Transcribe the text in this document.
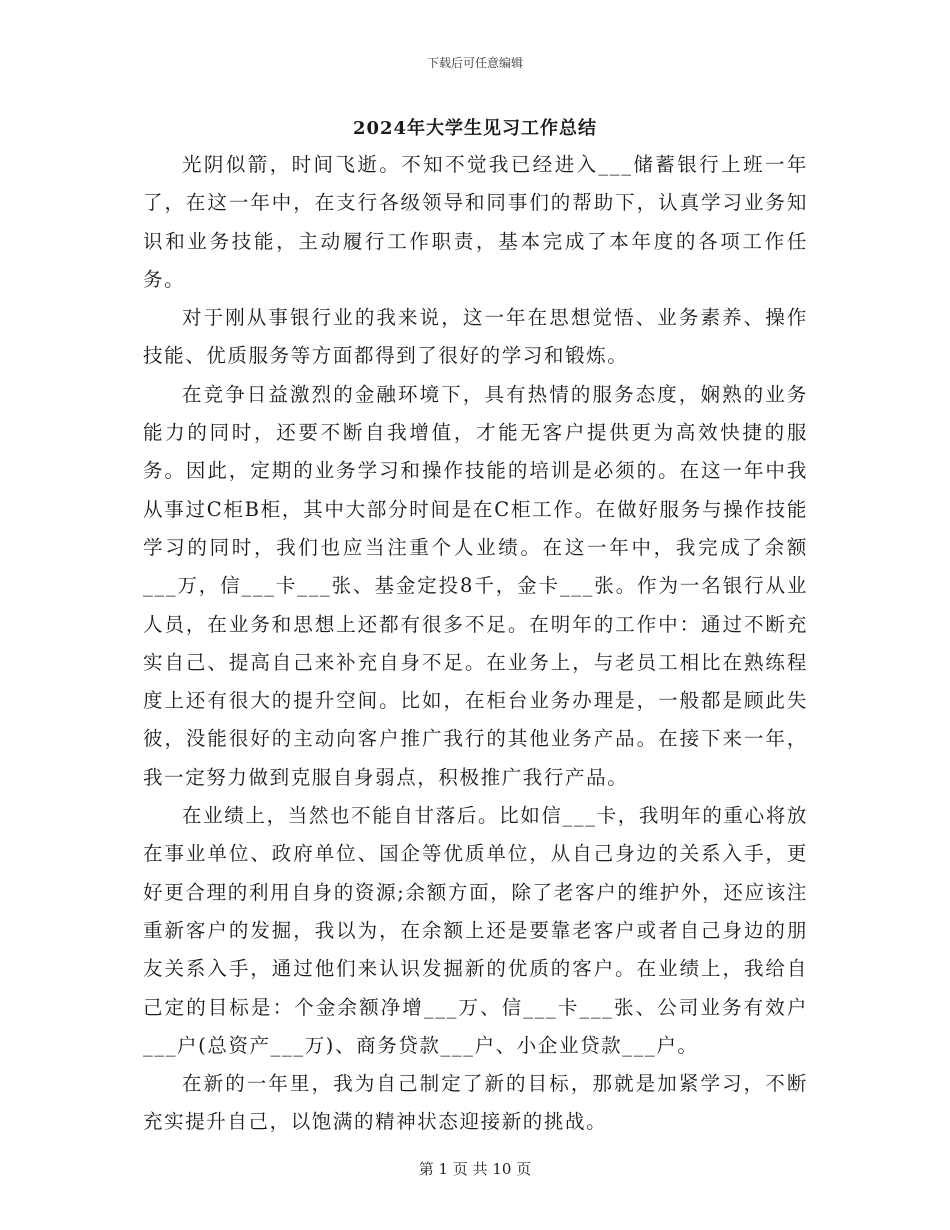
下载后可任意编辑
2024年大学生见习工作总结

光阴似箭，时间飞逝。不知不觉我已经进入___储蓄银行上班一年了，在这一年中，在支行各级领导和同事们的帮助下，认真学习业务知识和业务技能，主动履行工作职责，基本完成了本年度的各项工作任务。

对于刚从事银行业的我来说，这一年在思想觉悟、业务素养、操作技能、优质服务等方面都得到了很好的学习和锻炼。

在竞争日益激烈的金融环境下，具有热情的服务态度，娴熟的业务能力的同时，还要不断自我增值，才能无客户提供更为高效快捷的服务。因此，定期的业务学习和操作技能的培训是必须的。在这一年中我从事过C柜B柜，其中大部分时间是在C柜工作。在做好服务与操作技能学习的同时，我们也应当注重个人业绩。在这一年中，我完成了余额___万，信___卡___张、基金定投8千，金卡___张。作为一名银行从业人员，在业务和思想上还都有很多不足。在明年的工作中：通过不断充实自己、提高自己来补充自身不足。在业务上，与老员工相比在熟练程度上还有很大的提升空间。比如，在柜台业务办理是，一般都是顾此失彼，没能很好的主动向客户推广我行的其他业务产品。在接下来一年，我一定努力做到克服自身弱点，积极推广我行产品。

在业绩上，当然也不能自甘落后。比如信___卡，我明年的重心将放在事业单位、政府单位、国企等优质单位，从自己身边的关系入手，更好更合理的利用自身的资源;余额方面，除了老客户的维护外，还应该注重新客户的发掘，我以为，在余额上还是要靠老客户或者自己身边的朋友关系入手，通过他们来认识发掘新的优质的客户。在业绩上，我给自己定的目标是：个金余额净增___万、信___卡___张、公司业务有效户___户(总资产___万)、商务贷款___户、小企业贷款___户。

在新的一年里，我为自己制定了新的目标，那就是加紧学习，不断充实提升自己，以饱满的精神状态迎接新的挑战。

第 1 页 共 10 页
